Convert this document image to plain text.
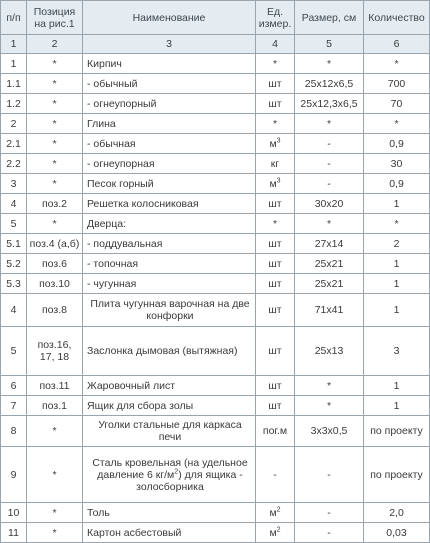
п/п	Позиция на рис.1	Наименование	Ед. измер.	Размер, см	Количество
1	2	3	4	5	6
1	*	Кирпич	*	*	*
1.1	*	- обычный	шт	25х12х6,5	700
1.2	*	- огнеупорный	шт	25х12,3х6,5	70
2	*	Глина	*	*	*
2.1	*	- обычная	$м^3$	-	0,9
2.2	*	- огнеупорная	кг	-	30
3	*	Песок горный	$м^3$	-	0,9
4	поз.2	Решетка колосниковая	шт	30х20	1
5	*	Дверца:	*	*	*
5.1	поз.4 (а,б)	- поддувальная	шт	27х14	2
5.2	поз.6	- топочная	шт	25х21	1
5.3	поз.10	- чугунная	шт	25х21	1
4	поз.8	Плита чугунная варочная на две конфорки	шт	71х41	1
5	поз.16, 17, 18	Заслонка дымовая (вытяжная)	шт	25х13	3
6	поз.11	Жаровочный лист	шт	*	1
7	поз.1	Ящик для сбора золы	шт	*	1
8	*	Уголки стальные для каркаса печи	пог.м	3х3х0,5	по проекту
9	*	Сталь кровельная (на удельное давление 6 $кг/м^2$) для ящика - золосборника	-	-	по проекту
10	*	Толь	$м^2$	-	2,0
11	*	Картон асбестовый	$м^2$	-	0,03
